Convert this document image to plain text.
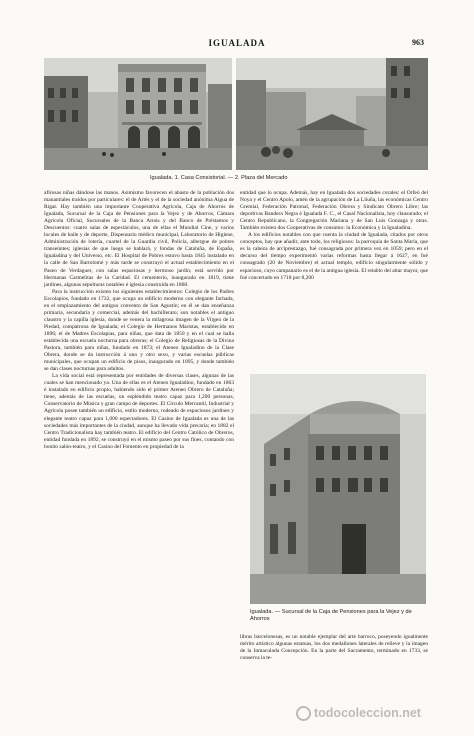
IGUALADA	963
Igualada. 1. Casa Consistorial. — 2. Plaza del Mercado

afirosas niñas dándose las manos. Asimismo favorecen el abasto de la población dos manantiales traídos por particulares: el de Artés y el de la sociedad anónima Aigua de Rigat. Hay también una importante Cooperativa Agrícola, Caja de Ahorros de Igualada, Sucursal de la Caja de Pensiones para la Vejez y de Ahorros, Cámara Agrícola Oficial, Sucursales de la Banca Arnús y del Banco de Préstamos y Descuentos: cuatro salas de espectáculos, una de ellas el Mundial Cine, y varios locales de baile y de deporte, Dispensario médico municipal, Laboratorio de Higiene, Administración de lotería, cuartel de la Guardia civil, Policía, albergue de pobres transeúntes; iglesias de que luego se hablará, y fondas de Cataluña, de España, Igualadina y del Universo, etc. El Hospital de Pobres estuvo hasta 1845 instalado en la calle de San Bartolomé y más tarde se construyó el actual establecimiento en el Paseo de Verdaguer, con salas espaciosas y hermoso jardín; está servido por Hermanas Carmelitas de la Caridad. El cementerio, inaugurado en 1819, tiene jardines, algunas sepulturas notables é iglesia construida en 1868.

Para la instrucción existen los siguientes establecimientos: Colegio de los Padres Escolapios, fundado en 1732, que ocupa un edificio moderno con elegante fachada, en el emplazamiento del antiguo convento de San Agustín; en él se dan enseñanza primaria, secundaria y comercial, además del bachillerato; son notables el antiguo claustro y la capilla iglesia, donde se venera la milagrosa imagen de la Virgen de la Piedad, compatrona de Igualada; el Colegio de Hermanos Maristas, establecido en 1896; el de Madres Escolapias, para niñas, que data de 1850 y en el cual se halla establecida una escuela nocturna para obreras; el Colegio de Religiosas de la Divina Pastora, también para niñas, fundado en 1873; el Ateneo Igualadino de la Clase Obrera, donde se da instrucción á uno y otro sexo, y varias escuelas públicas municipales, que ocupan un edificio de pisos, inaugurado en 1895, y donde también se dan clases nocturnas para adultos.

La vida social está representada por entidades de diversas clases, algunas de las cuales se han mencionado ya. Una de ellas es el Ateneo Igualadino, fundado en 1863 é instalado en edificio propio, habiendo sido el primer Ateneo Obrero de Cataluña; tiene, además de las escuelas, un espléndido teatro capaz para 1,200 personas, Conservatorio de Música y gran campo de deportes. El Círculo Mercantil, Industrial y Agrícola posee también un edificio, estilo moderno, rodeado de espaciosos jardines y elegante teatro capaz para 1,000 espectadores. El Casino de Igualada es una de las sociedades más importantes de la ciudad, aunque ha llevado vida precaria; en 1882 el Centro Tradicionalista hay también teatro. El edificio del Centro Católico de Obreros, entidad fundada en 1892, se construyó en el mismo paseo por sus fines, contando con bonito salón-teatro, y el Casino del Fomento en propiedad de la

entidad que lo ocupa. Además, hay en Igualada dos sociedades corales: el Orfeó del Noya y el Centro Apolo, amén de la agrupación de La Lliuña, las económicas Centro Gremial, Federación Patronal, Federación Obrera y Sindicato Obrero Libre; las deportivas Bandera Negra é Igualada F. C., el Casal Nacionalista, hoy clausurado; el Centro Republicano, la Congregación Mariana y de San Luis Gonzaga y otras. También existen dos Cooperativas de consumo: la Económica y la Igualadina.

A los edificios notables con que cuenta la ciudad de Igualada, citados por otros conceptos, hay que añadir, ante todo, los religiosos: la parroquia de Santa María, que es la cabeza de arciprestazgo, fué consagrada por primera vez en 1059; pero en el decurso del tiempo experimentó varias reformas hasta llegar á 1627, en fué consagrado (20 de Noviembre) el actual templo, edificio singularmente sólido y espacioso, cuyo campanario es el de la antigua iglesia. El retablo del altar mayor, que fué concertado en 1718 por 8,200

Igualada. — Sucursal de la Caja de Pensiones para la Vejez y de Ahorros

libras barcelonesas, es un notable ejemplar del arte barroco, poseyendo igualmente mérito artístico algunas estatuas, los dos medallones laterales de relieve y la imagen de la Inmaculada Concepción. En la parte del Sacramento, terminado en 1733, se conserva la te-

todocoleccion.net
